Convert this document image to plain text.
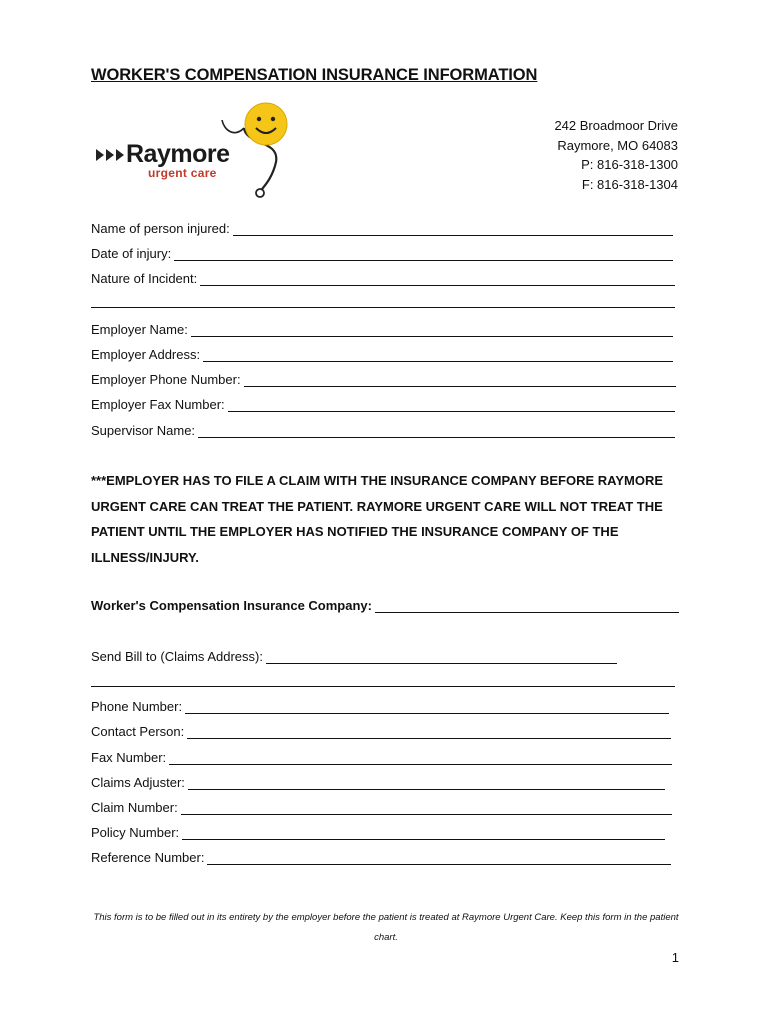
WORKER'S COMPENSATION INSURANCE INFORMATION
Raymore
urgent care
242 Broadmoor Drive
Raymore, MO 64083
P: 816-318-1300
F: 816-318-1304
Name of person injured:
Date of injury:
Nature of Incident:
Employer Name:
Employer Address:
Employer Phone Number:
Employer Fax Number:
Supervisor Name:
***EMPLOYER HAS TO FILE A CLAIM WITH THE INSURANCE COMPANY BEFORE RAYMORE URGENT CARE CAN TREAT THE PATIENT. RAYMORE URGENT CARE WILL NOT TREAT THE PATIENT UNTIL THE EMPLOYER HAS NOTIFIED THE INSURANCE COMPANY OF THE ILLNESS/INJURY.
Worker's Compensation Insurance Company:
Send Bill to (Claims Address):
Phone Number:
Contact Person:
Fax Number:
Claims Adjuster:
Claim Number:
Policy Number:
Reference Number:
This form is to be filled out in its entirety by the employer before the patient is treated at Raymore Urgent Care. Keep this form in the patient chart.
1
